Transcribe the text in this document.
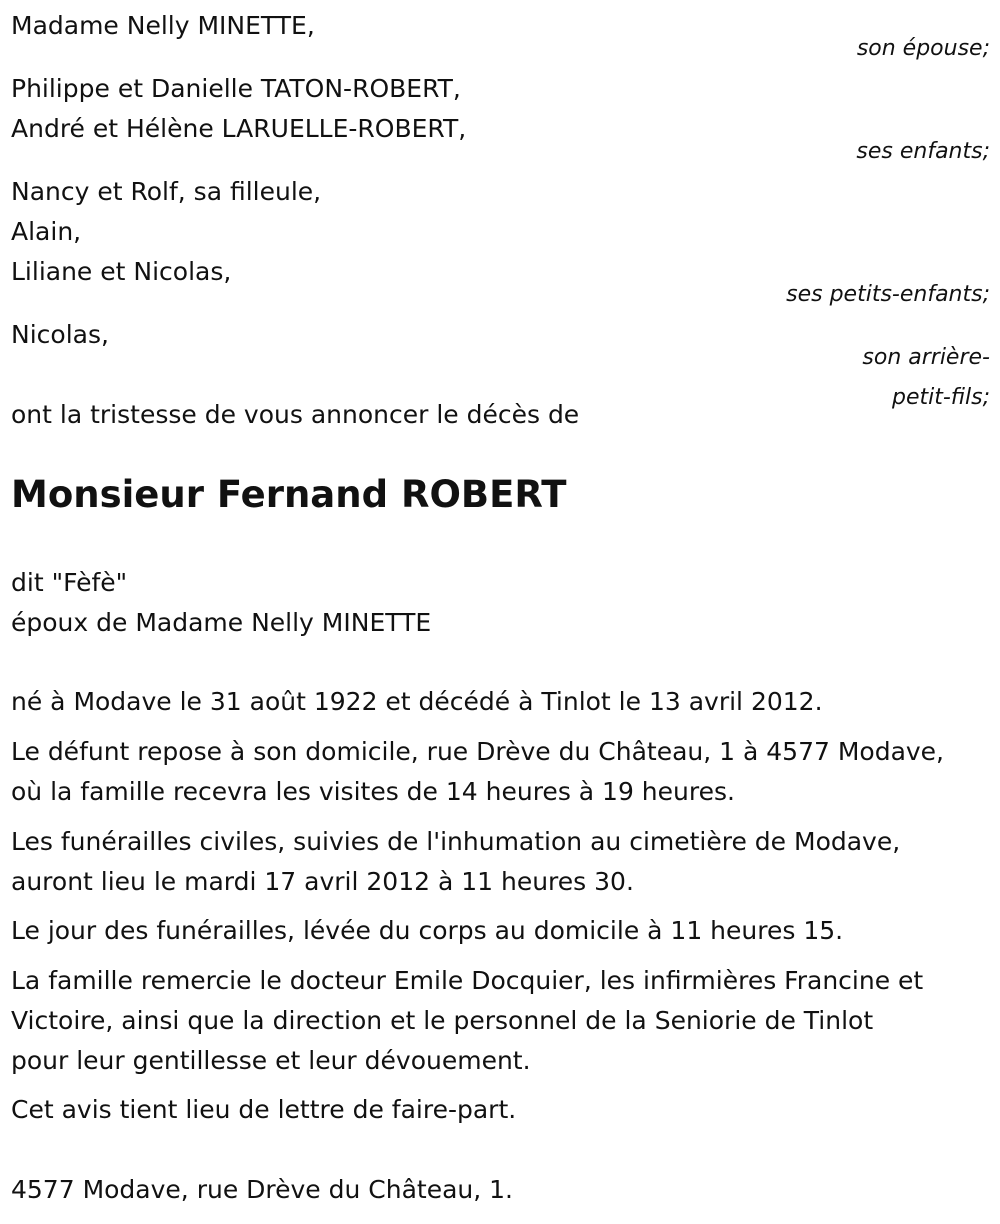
Madame Nelly MINETTE,
son épouse;
Philippe et Danielle TATON-ROBERT,
André et Hélène LARUELLE-ROBERT,
ses enfants;
Nancy et Rolf, sa filleule,
Alain,
Liliane et Nicolas,
ses petits-enfants;
Nicolas,
son arrière-
petit-fils;
ont la tristesse de vous annoncer le décès de
Monsieur Fernand ROBERT
dit "Fèfè"
époux de Madame Nelly MINETTE
né à Modave le 31 août 1922 et décédé à Tinlot le 13 avril 2012.
Le défunt repose à son domicile, rue Drève du Château, 1 à 4577 Modave,
où la famille recevra les visites de 14 heures à 19 heures.
Les funérailles civiles, suivies de l'inhumation au cimetière de Modave,
auront lieu le mardi 17 avril 2012 à 11 heures 30.
Le jour des funérailles, lévée du corps au domicile à 11 heures 15.
La famille remercie le docteur Emile Docquier, les infirmières Francine et
Victoire, ainsi que la direction et le personnel de la Seniorie de Tinlot
pour leur gentillesse et leur dévouement.
Cet avis tient lieu de lettre de faire-part.
4577 Modave, rue Drève du Château, 1.
